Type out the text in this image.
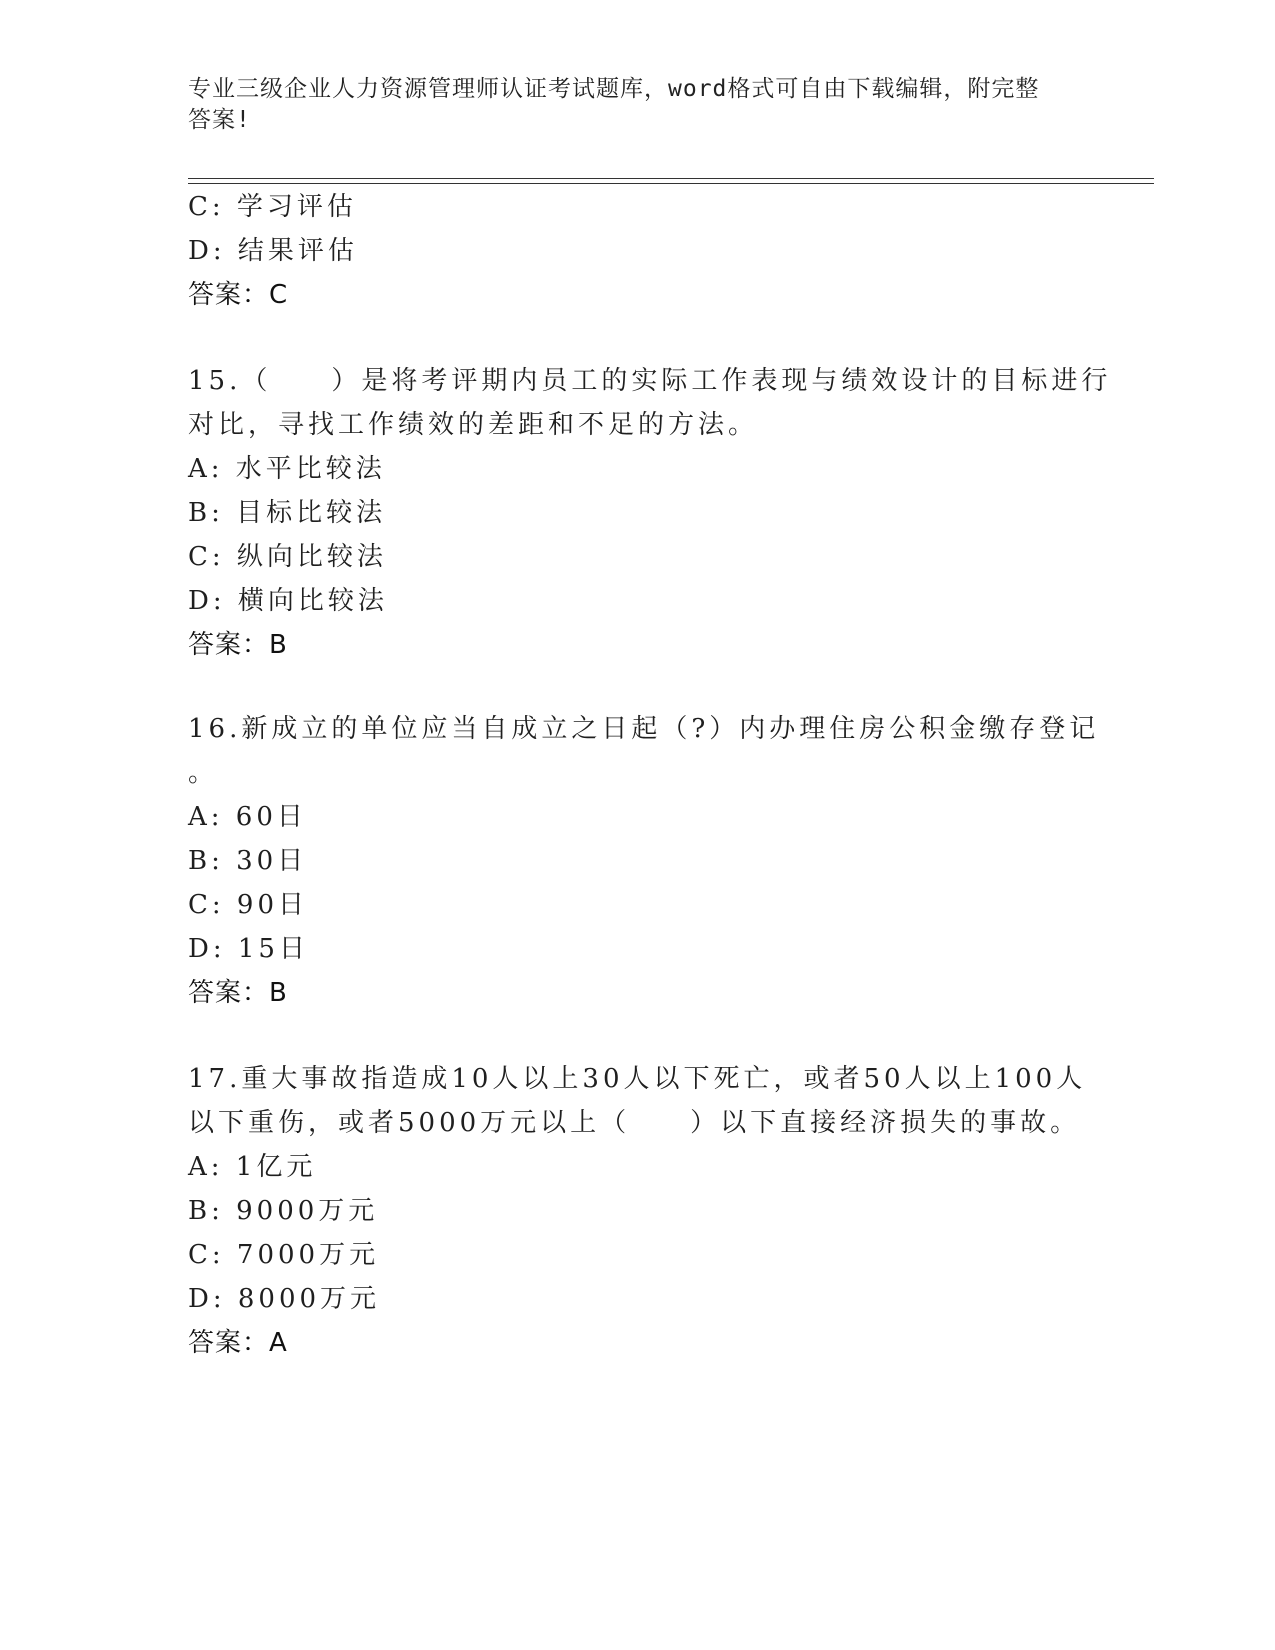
专业三级企业人力资源管理师认证考试题库，word格式可自由下载编辑，附完整
答案!
C: 学习评估
D: 结果评估
答案：C
15.（　　）是将考评期内员工的实际工作表现与绩效设计的目标进行
对比，寻找工作绩效的差距和不足的方法。
A: 水平比较法
B: 目标比较法
C: 纵向比较法
D: 横向比较法
答案：B
16.新成立的单位应当自成立之日起（?）内办理住房公积金缴存登记
。
A: 60日
B: 30日
C: 90日
D: 15日
答案：B
17.重大事故指造成10人以上30人以下死亡，或者50人以上100人
以下重伤，或者5000万元以上（　　）以下直接经济损失的事故。
A: 1亿元
B: 9000万元
C: 7000万元
D: 8000万元
答案：A
